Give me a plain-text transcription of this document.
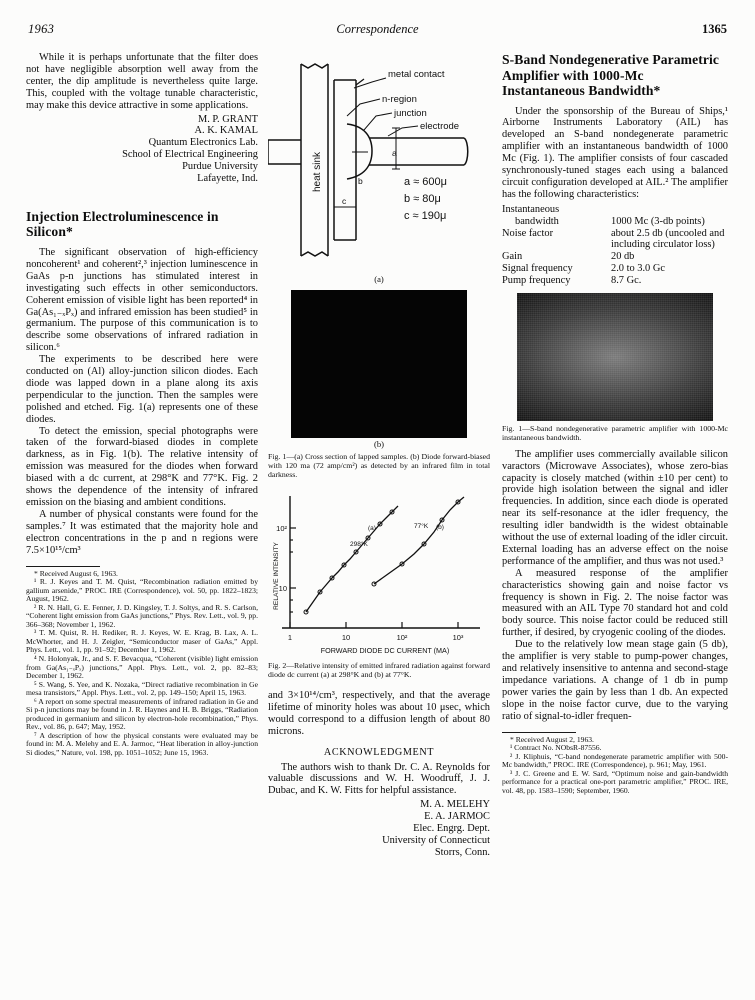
1963	Correspondence	1365

While it is perhaps unfortunate that the filter does not have negligible absorption well away from the center, the dip amplitude is nevertheless quite large. This, coupled with the voltage tunable characteristic, may make this device attractive in some applications.

M. P. GRANT
A. K. KAMAL
Quantum Electronics Lab.
School of Electrical Engineering
Purdue University
Lafayette, Ind.
Injection Electroluminescence in Silicon*

The significant observation of high-efficiency noncoherent¹ and coherent²,³ injection luminescence in GaAs p-n junctions has stimulated interest in investigating such effects in other semiconductors. Coherent emission of visible light has been reported⁴ in Ga(As₁₋ₓPₓ) and infrared emission has been studied⁵ in germanium. The purpose of this communication is to describe some observations of infrared radiation in silicon.⁶

The experiments to be described here were conducted on (Al) alloy-junction silicon diodes. Each diode was lapped down in a plane along its axis perpendicular to the junction. Then the samples were polished and etched. Fig. 1(a) represents one of these diodes.

To detect the emission, special photographs were taken of the forward-biased diodes in complete darkness, as in Fig. 1(b). The relative intensity of emission was measured for the diodes when forward biased with a dc current, at 298°K and 77°K. Fig. 2 shows the dependence of the intensity of infrared emission on the biasing and ambient conditions.

A number of physical constants were found for the samples.⁷ It was estimated that the majority hole and electron concentrations in the p and n regions were 7.5×10¹⁵/cm³

* Received August 6, 1963.

¹ R. J. Keyes and T. M. Quist, “Recombination radiation emitted by gallium arsenide,” PROC. IRE (Correspondence), vol. 50, pp. 1822–1823; August, 1962.

² R. N. Hall, G. E. Fenner, J. D. Kingsley, T. J. Soltys, and R. S. Carlson, “Coherent light emission from GaAs junctions,” Phys. Rev. Lett., vol. 9, pp. 366–368; November 1, 1962.

³ T. M. Quist, R. H. Rediker, R. J. Keyes, W. E. Krag, B. Lax, A. L. McWhorter, and H. J. Zeigler, “Semiconductor maser of GaAs,” Appl. Phys. Lett., vol. 1, pp. 91–92; December 1, 1962.

⁴ N. Holonyak, Jr., and S. F. Bevacqua, “Coherent (visible) light emission from Ga(As₁₋ₓPₓ) junctions,” Appl. Phys. Lett., vol. 2, pp. 82–83; December 1, 1962.

⁵ S. Wang, S. Yee, and K. Nozaka, “Direct radiative recombination in Ge mesa transistors,” Appl. Phys. Lett., vol. 2, pp. 149–150; April 15, 1963.

⁶ A report on some spectral measurements of infrared radiation in Ge and Si p-n junctions may be found in J. R. Haynes and H. B. Briggs, “Radiation produced in germanium and silicon by electron-hole recombination,” Phys. Rev., vol. 86, p. 647; May, 1952.

⁷ A description of how the physical constants were evaluated may be found in: M. A. Melehy and E. A. Jarmoc, “Heat liberation in alloy-junction Si diodes,” Nature, vol. 198, pp. 1051–1052; June 15, 1963.

metal contact
n-region
junction
electrode
a
b
c
heat sink	a ≈ 600μ
b ≈ 80μ
c ≈ 190μ
(a)
(b)

Fig. 1—(a) Cross section of lapped samples. (b) Diode forward-biased with 120 ma (72 amp/cm²) as detected by an infrared film in total darkness.

(a)
298°K
77°K (b)
1	10	10²	10³
10²
10
FORWARD DIODE DC CURRENT (MA)
RELATIVE INTENSITY

Fig. 2—Relative intensity of emitted infrared radiation against forward diode dc current (a) at 298°K and (b) at 77°K.

and 3×10¹⁴/cm³, respectively, and that the average lifetime of minority holes was about 10 μsec, which would correspond to a diffusion length of about 80 microns.

ACKNOWLEDGMENT

The authors wish to thank Dr. C. A. Reynolds for valuable discussions and W. H. Woodruff, J. J. Dubac, and K. W. Fitts for helpful assistance.

M. A. MELEHY
E. A. JARMOC
Elec. Engrg. Dept.
University of Connecticut
Storrs, Conn.
S-Band Nondegenerative Parametric Amplifier with 1000-Mc Instantaneous Bandwidth*

Under the sponsorship of the Bureau of Ships,¹ Airborne Instruments Laboratory (AIL) has developed an S-band nondegenerate parametric amplifier with an instantaneous bandwidth of 1000 Mc (Fig. 1). The amplifier consists of four cascaded synchronously-tuned stages each using a balanced circuit configuration developed at AIL.² The amplifier has the following characteristics:

Instantaneous	
bandwidth	1000 Mc (3-db points)
Noise factor	about 2.5 db (uncooled and including circulator loss)
Gain	20 db
Signal frequency	2.0 to 3.0 Gc
Pump frequency	8.7 Gc.

Fig. 1—S-band nondegenerative parametric amplifier with 1000-Mc instantaneous bandwidth.

The amplifier uses commercially available silicon varactors (Microwave Associates), whose zero-bias capacity is closely matched (within ±10 per cent) to provide high isolation between the signal and idler frequencies. In addition, since each diode is operated near its self-resonance at the idler frequency, the resulting idler bandwidth is the widest obtainable without the use of external loading of the idler circuit. External loading has an adverse effect on the noise performance of the amplifier, and thus was not used.³

A measured response of the amplifier characteristics showing gain and noise factor vs frequency is shown in Fig. 2. The noise factor was measured with an AIL Type 70 standard hot and cold body source. This noise factor could be reduced still further, if desired, by cryogenic cooling of the diodes.

Due to the relatively low mean stage gain (5 db), the amplifier is very stable to pump-power changes, and relatively insensitive to antenna and second-stage impedance variations. A change of 1 db in pump power varies the gain by less than 1 db. An expected slope in the noise factor curve, due to the varying ratio of signal-to-idler frequen-

* Received August 2, 1963.

¹ Contract No. NObsR-87556.

² J. Kliphuis, “C-band nondegenerate parametric amplifier with 500-Mc bandwidth,” PROC. IRE (Correspondence), p. 961; May, 1961.

³ J. C. Greene and E. W. Sard, “Optimum noise and gain-bandwidth performance for a practical one-port parametric amplifier,” PROC. IRE, vol. 48, pp. 1583–1590; September, 1960.
